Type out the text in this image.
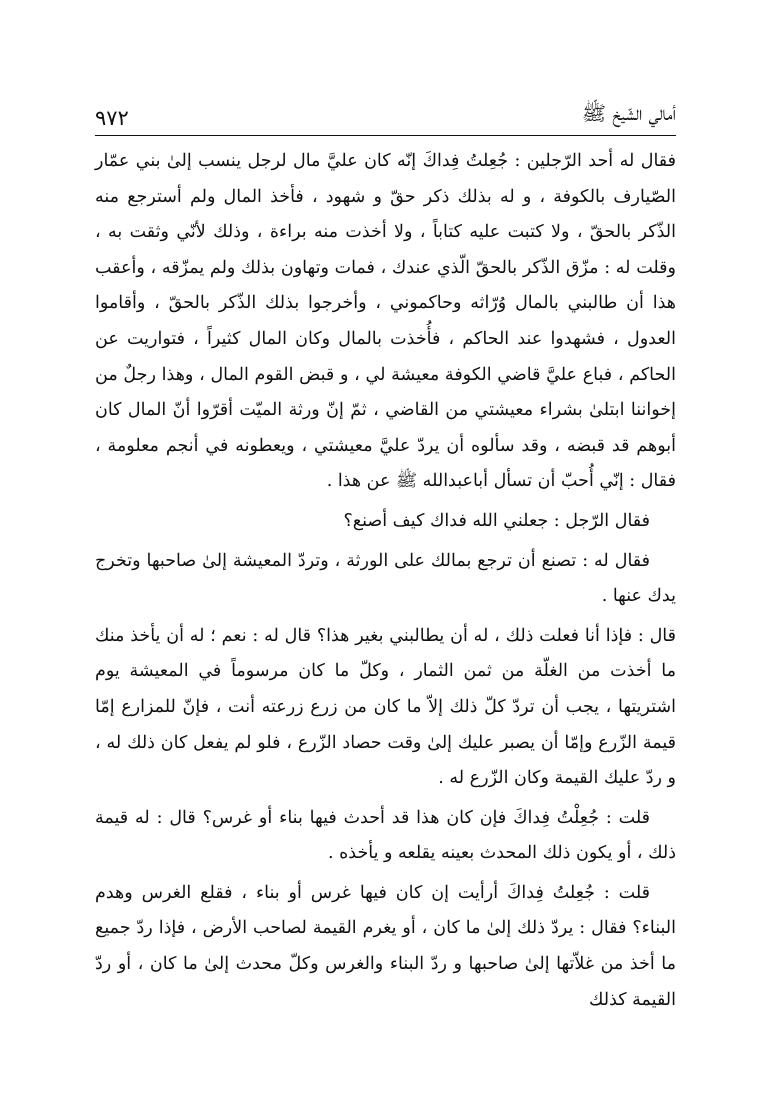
أمالي الشّيخ ﷺ
٩٧٢

فقال له أحد الرّجلين : جُعِلتُ فِداكَ إنّه كان عليَّ مال لرجل ينسب إلىٰ بني عمّار الصّيارف بالكوفة ، و له بذلك ذكر حقّ و شهود ، فأخذ المال ولم أسترجع منه الذّكر بالحقّ ، ولا كتبت عليه كتاباً ، ولا أخذت منه براءة ، وذلك لأنّي وثقت به ، وقلت له : مزّق الذّكر بالحقّ الّذي عندك ، فمات وتهاون بذلك ولم يمزّقه ، وأعقب هذا أن طالبني بالمال وُرّاثه وحاكموني ، وأخرجوا بذلك الذّكر بالحقّ ، وأقاموا العدول ، فشهدوا عند الحاكم ، فأُخذت بالمال وكان المال كثيراً ، فتواريت عن الحاكم ، فباع عليَّ قاضي الكوفة معيشة لي ، و قبض القوم المال ، وهذا رجلٌ من إخواننا ابتلىٰ بشراء معيشتي من القاضي ، ثمّ إنّ ورثة الميّت أقرّوا أنّ المال كان أبوهم قد قبضه ، وقد سألوه أن يردّ عليَّ معيشتي ، ويعطونه في أنجم معلومة ، فقال : إنّي أُحبّ أن تسأل أباعبدالله ﷺ عن هذا .

فقال الرّجل : جعلني الله فداك كيف أصنع؟

فقال له : تصنع أن ترجع بمالك على الورثة ، وتردّ المعيشة إلىٰ صاحبها وتخرج يدك عنها .

قال : فإذا أنا فعلت ذلك ، له أن يطالبني بغير هذا؟ قال له : نعم ؛ له أن يأخذ منك ما أخذت من الغلّة من ثمن الثمار ، وكلّ ما كان مرسوماً في المعيشة يوم اشتريتها ، يجب أن تردّ كلّ ذلك إلاّ ما كان من زرع زرعته أنت ، فإنّ للمزارع إمّا قيمة الزّرع وإمّا أن يصبر عليك إلىٰ وقت حصاد الزّرع ، فلو لم يفعل كان ذلك له ، و ردّ عليك القيمة وكان الزّرع له .

قلت : جُعِلْتُ فِداكَ فإن كان هذا قد أحدث فيها بناء أو غرس؟ قال : له قيمة ذلك ، أو يكون ذلك المحدث بعينه يقلعه و يأخذه .

قلت : جُعِلتُ فِداكَ أرأيت إن كان فيها غرس أو بناء ، فقلع الغرس وهدم البناء؟ فقال : يردّ ذلك إلىٰ ما كان ، أو يغرم القيمة لصاحب الأرض ، فإذا ردّ جميع ما أخذ من غلاّتها إلىٰ صاحبها و ردّ البناء والغرس وكلّ محدث إلىٰ ما كان ، أو ردّ القيمة كذلك
